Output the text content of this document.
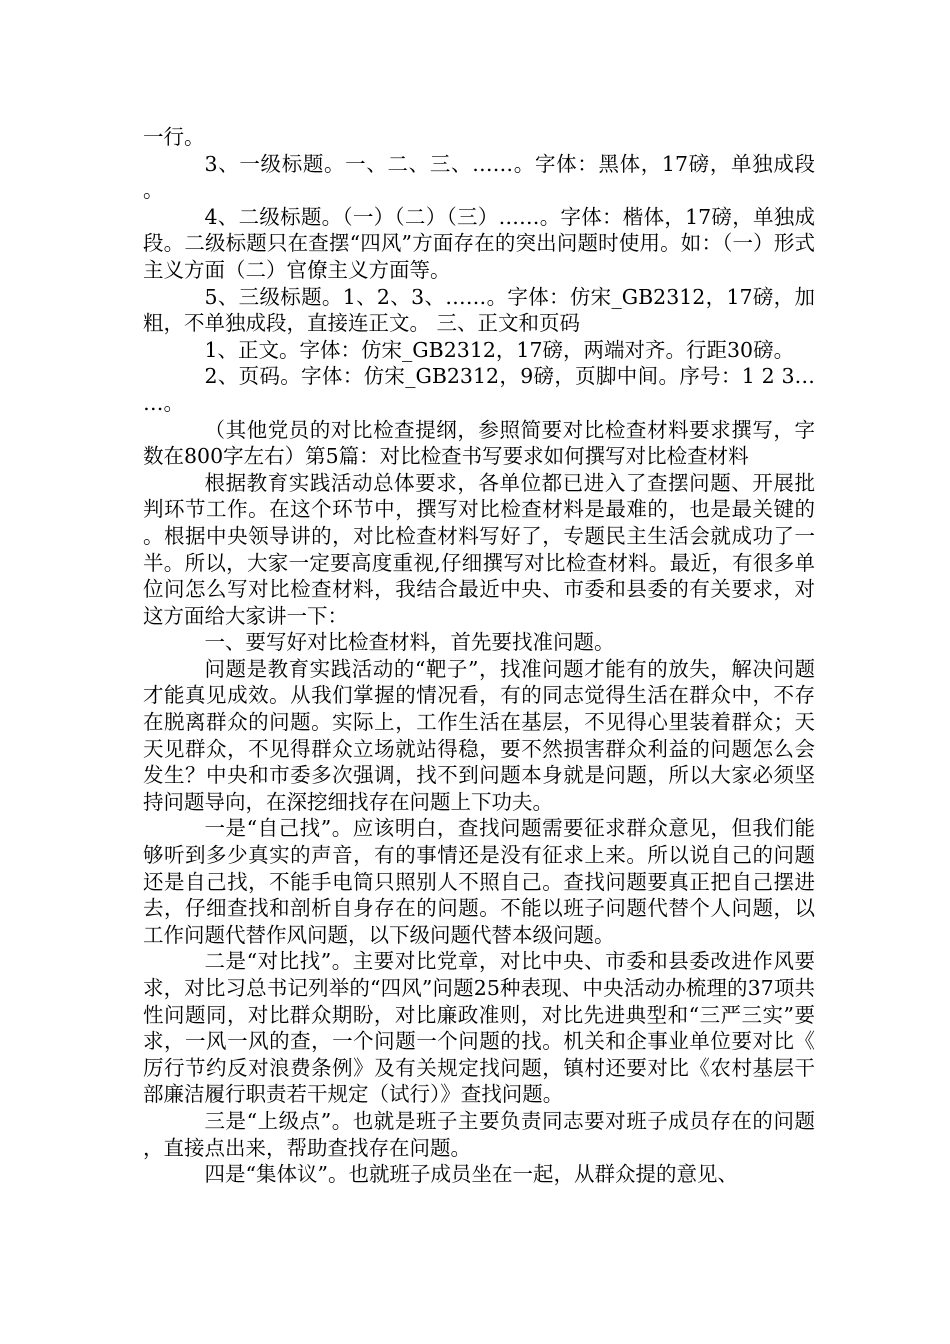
一行。

3、一级标题。一、二、三、……。字体：黑体，17磅，单独成段。

4、二级标题。（一）（二）（三）……。字体：楷体，17磅，单独成段。二级标题只在查摆“四风”方面存在的突出问题时使用。如：（一）形式主义方面（二）官僚主义方面等。

5、三级标题。1、2、3、……。字体：仿宋_GB2312，17磅，加粗，不单独成段，直接连正文。 三、正文和页码

1、正文。字体：仿宋_GB2312，17磅，两端对齐。行距30磅。

2、页码。字体：仿宋_GB2312，9磅，页脚中间。序号：1 2 3……。

（其他党员的对比检查提纲，参照简要对比检查材料要求撰写，字数在800字左右）第5篇：对比检查书写要求如何撰写对比检查材料

根据教育实践活动总体要求，各单位都已进入了查摆问题、开展批判环节工作。在这个环节中，撰写对比检查材料是最难的，也是最关键的。根据中央领导讲的，对比检查材料写好了，专题民主生活会就成功了一半。所以，大家一定要高度重视,仔细撰写对比检查材料。最近，有很多单位问怎么写对比检查材料，我结合最近中央、市委和县委的有关要求，对这方面给大家讲一下：

一、要写好对比检查材料，首先要找准问题。

问题是教育实践活动的“靶子”，找准问题才能有的放失，解决问题才能真见成效。从我们掌握的情况看，有的同志觉得生活在群众中，不存在脱离群众的问题。实际上，工作生活在基层，不见得心里装着群众；天天见群众，不见得群众立场就站得稳，要不然损害群众利益的问题怎么会发生？中央和市委多次强调，找不到问题本身就是问题，所以大家必须坚持问题导向，在深挖细找存在问题上下功夫。

一是“自己找”。应该明白，查找问题需要征求群众意见，但我们能够听到多少真实的声音，有的事情还是没有征求上来。所以说自己的问题还是自己找，不能手电筒只照别人不照自己。查找问题要真正把自己摆进去，仔细查找和剖析自身存在的问题。不能以班子问题代替个人问题，以工作问题代替作风问题，以下级问题代替本级问题。

二是“对比找”。主要对比党章，对比中央、市委和县委改进作风要求，对比习总书记列举的“四风”问题25种表现、中央活动办梳理的37项共性问题同，对比群众期盼，对比廉政准则，对比先进典型和“三严三实”要求，一风一风的查，一个问题一个问题的找。机关和企事业单位要对比《厉行节约反对浪费条例》及有关规定找问题，镇村还要对比《农村基层干部廉洁履行职责若干规定（试行）》查找问题。

三是“上级点”。也就是班子主要负责同志要对班子成员存在的问题，直接点出来，帮助查找存在问题。

四是“集体议”。也就班子成员坐在一起，从群众提的意见、
